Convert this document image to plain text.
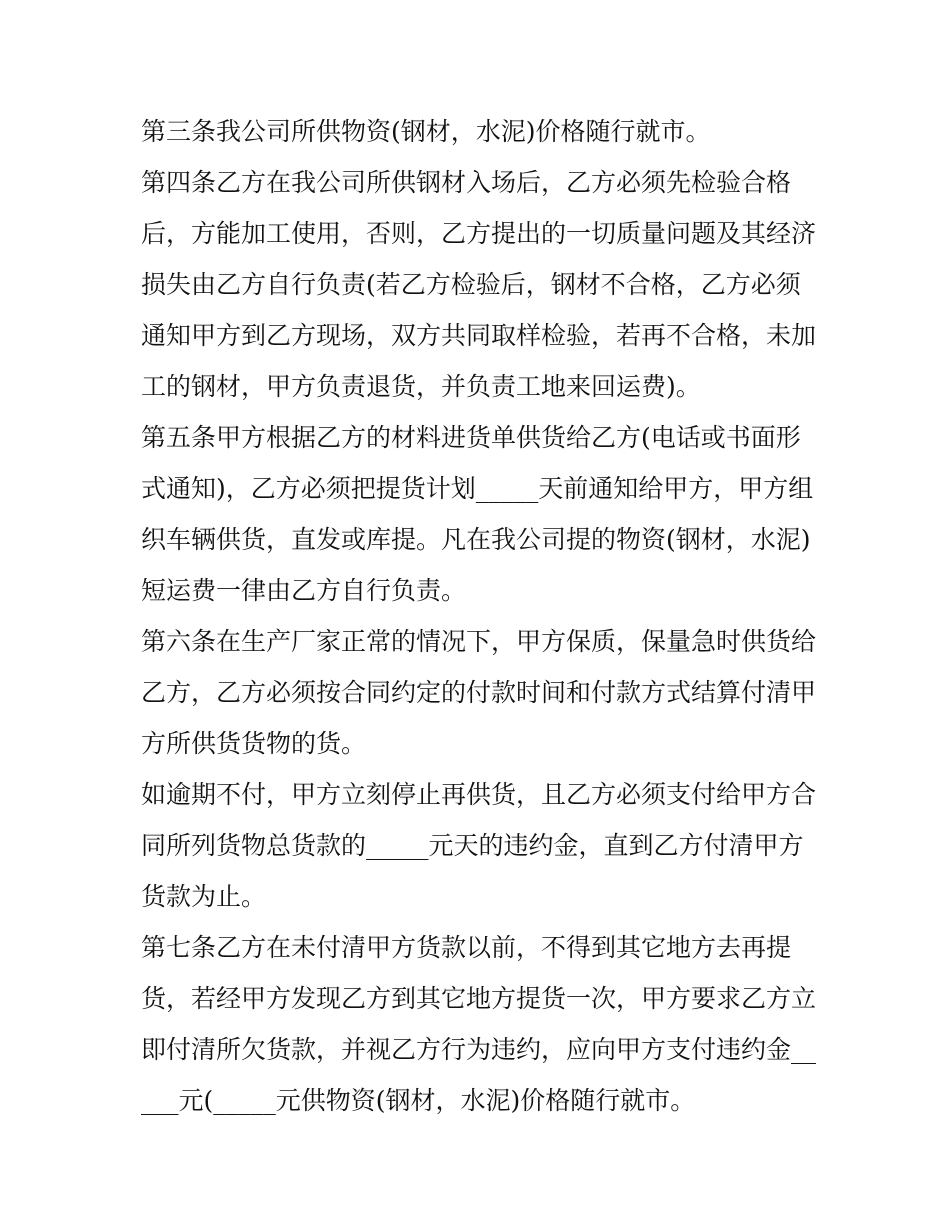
第三条我公司所供物资(钢材，水泥)价格随行就市。

第四条乙方在我公司所供钢材入场后，乙方必须先检验合格后，方能加工使用，否则，乙方提出的一切质量问题及其经济损失由乙方自行负责(若乙方检验后，钢材不合格，乙方必须通知甲方到乙方现场，双方共同取样检验，若再不合格，未加工的钢材，甲方负责退货，并负责工地来回运费)。

第五条甲方根据乙方的材料进货单供货给乙方(电话或书面形式通知)，乙方必须把提货计划_____天前通知给甲方，甲方组织车辆供货，直发或库提。凡在我公司提的物资(钢材，水泥)短运费一律由乙方自行负责。

第六条在生产厂家正常的情况下，甲方保质，保量急时供货给乙方，乙方必须按合同约定的付款时间和付款方式结算付清甲方所供货货物的货。

如逾期不付，甲方立刻停止再供货，且乙方必须支付给甲方合同所列货物总货款的_____元天的违约金，直到乙方付清甲方货款为止。

第七条乙方在未付清甲方货款以前，不得到其它地方去再提货，若经甲方发现乙方到其它地方提货一次，甲方要求乙方立即付清所欠货款，并视乙方行为违约，应向甲方支付违约金_____元(_____元供物资(钢材，水泥)价格随行就市。
